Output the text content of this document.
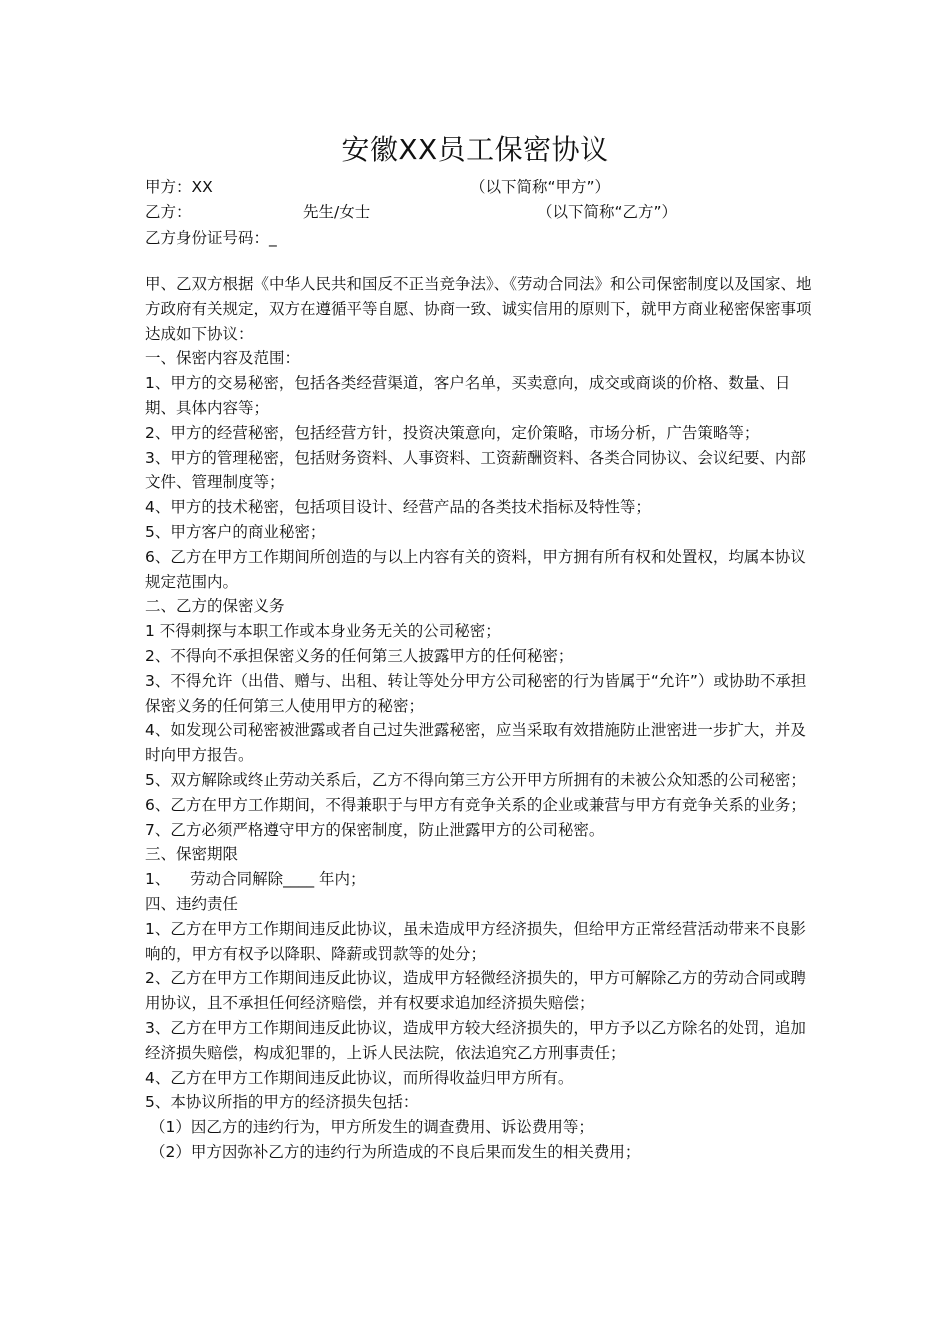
安徽XX员工保密协议
甲方：XX	（以下简称“甲方”）
乙方：	先生/女士	（以下简称“乙方”）
乙方身份证号码：_

甲、乙双方根据《中华人民共和国反不正当竞争法》、《劳动合同法》和公司保密制度以及国家、地方政府有关规定，双方在遵循平等自愿、协商一致、诚实信用的原则下，就甲方商业秘密保密事项达成如下协议：

一、保密内容及范围：

1、甲方的交易秘密，包括各类经营渠道，客户名单，买卖意向，成交或商谈的价格、数量、日期、具体内容等；

2、甲方的经营秘密，包括经营方针，投资决策意向，定价策略，市场分析，广告策略等；

3、甲方的管理秘密，包括财务资料、人事资料、工资薪酬资料、各类合同协议、会议纪要、内部文件、管理制度等；

4、甲方的技术秘密，包括项目设计、经营产品的各类技术指标及特性等；

5、甲方客户的商业秘密；

6、乙方在甲方工作期间所创造的与以上内容有关的资料，甲方拥有所有权和处置权，均属本协议规定范围内。

二、乙方的保密义务

1 不得刺探与本职工作或本身业务无关的公司秘密；

2、不得向不承担保密义务的任何第三人披露甲方的任何秘密；

3、不得允许（出借、赠与、出租、转让等处分甲方公司秘密的行为皆属于“允许”）或协助不承担保密义务的任何第三人使用甲方的秘密；

4、如发现公司秘密被泄露或者自己过失泄露秘密，应当采取有效措施防止泄密进一步扩大，并及时向甲方报告。

5、双方解除或终止劳动关系后，乙方不得向第三方公开甲方所拥有的未被公众知悉的公司秘密；

6、乙方在甲方工作期间，不得兼职于与甲方有竞争关系的企业或兼营与甲方有竞争关系的业务；

7、乙方必须严格遵守甲方的保密制度，防止泄露甲方的公司秘密。

三、保密期限

1、    劳动合同解除____ 年内；

四、违约责任

1、乙方在甲方工作期间违反此协议，虽未造成甲方经济损失，但给甲方正常经营活动带来不良影响的，甲方有权予以降职、降薪或罚款等的处分；

2、乙方在甲方工作期间违反此协议，造成甲方轻微经济损失的，甲方可解除乙方的劳动合同或聘用协议，且不承担任何经济赔偿，并有权要求追加经济损失赔偿；

3、乙方在甲方工作期间违反此协议，造成甲方较大经济损失的，甲方予以乙方除名的处罚，追加经济损失赔偿，构成犯罪的，上诉人民法院，依法追究乙方刑事责任；

4、乙方在甲方工作期间违反此协议，而所得收益归甲方所有。

5、本协议所指的甲方的经济损失包括：

（1）因乙方的违约行为，甲方所发生的调查费用、诉讼费用等；

（2）甲方因弥补乙方的违约行为所造成的不良后果而发生的相关费用；
